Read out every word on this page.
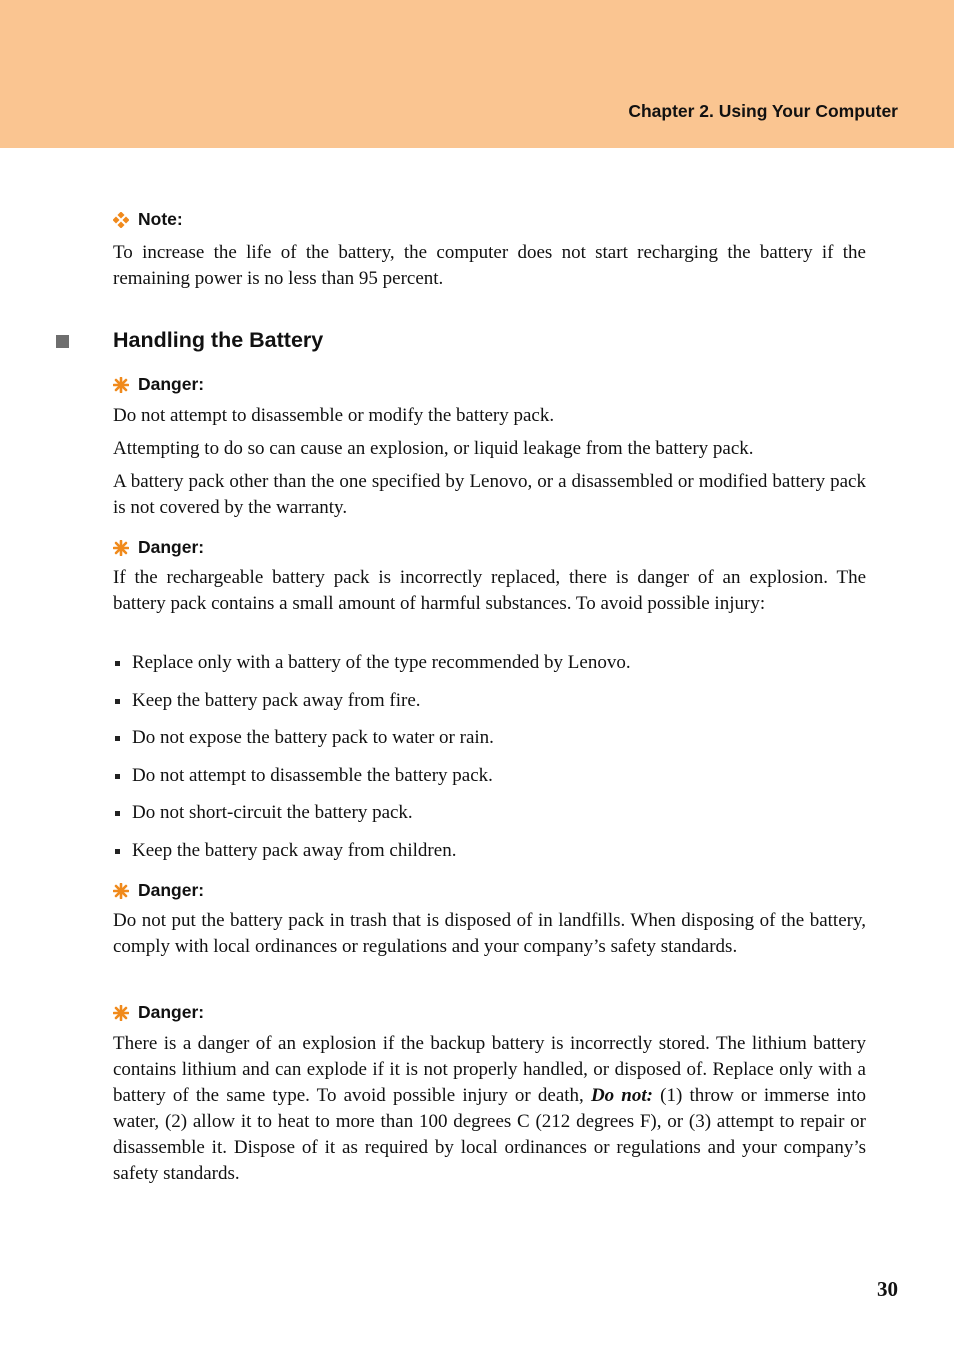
Chapter 2. Using Your Computer
Note:
To increase the life of the battery, the computer does not start recharging the battery if the remaining power is no less than 95 percent.
Handling the Battery
Danger:
Do not attempt to disassemble or modify the battery pack.
Attempting to do so can cause an explosion, or liquid leakage from the battery pack.
A battery pack other than the one specified by Lenovo, or a disassembled or modified battery pack is not covered by the warranty.
Danger:
If the rechargeable battery pack is incorrectly replaced, there is danger of an explosion. The battery pack contains a small amount of harmful substances. To avoid possible injury:
Replace only with a battery of the type recommended by Lenovo.
Keep the battery pack away from fire.
Do not expose the battery pack to water or rain.
Do not attempt to disassemble the battery pack.
Do not short-circuit the battery pack.
Keep the battery pack away from children.
Danger:
Do not put the battery pack in trash that is disposed of in landfills. When disposing of the battery, comply with local ordinances or regulations and your company’s safety standards.
Danger:
There is a danger of an explosion if the backup battery is incorrectly stored. The lithium battery contains lithium and can explode if it is not properly handled, or disposed of. Replace only with a battery of the same type. To avoid possible injury or death, Do not: (1) throw or immerse into water, (2) allow it to heat to more than 100 degrees C (212 degrees F), or (3) attempt to repair or disassemble it. Dispose of it as required by local ordinances or regulations and your company’s safety standards.
30
